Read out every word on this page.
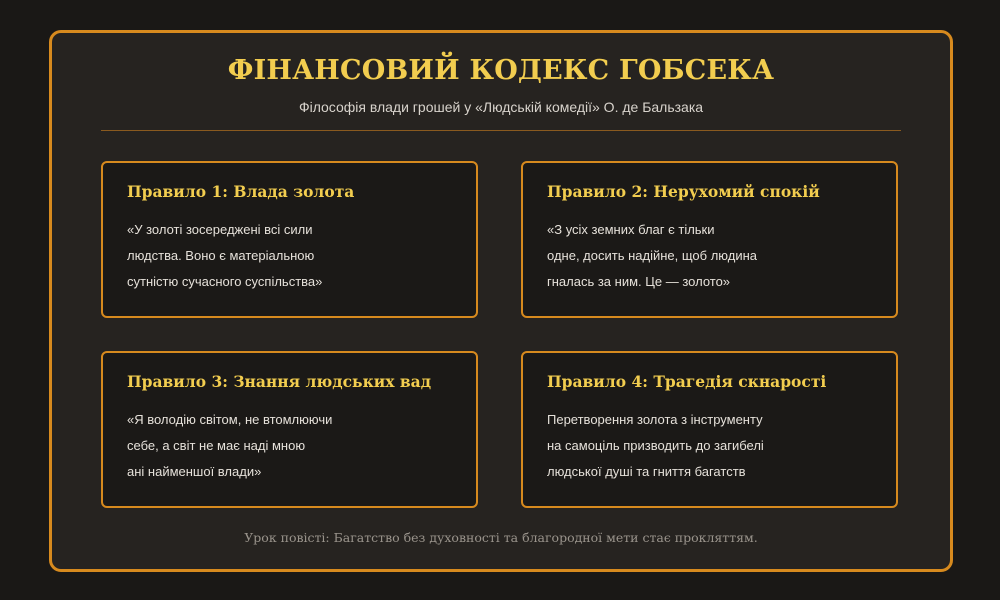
ФІНАНСОВИЙ КОДЕКС ГОБСЕКА
Філософія влади грошей у «Людській комедії» О. де Бальзака
Правило 1: Влада золота
«У золоті зосереджені всі сили
людства. Воно є матеріальною
сутністю сучасного суспільства»
Правило 2: Нерухомий спокій
«З усіх земних благ є тільки
одне, досить надійне, щоб людина
гналась за ним. Це — золото»
Правило 3: Знання людських вад
«Я володію світом, не втомлюючи
себе, а світ не має наді мною
ані найменшої влади»
Правило 4: Трагедія скнарості
Перетворення золота з інструменту
на самоціль призводить до загибелі
людської душі та гниття багатств
Урок повісті: Багатство без духовності та благородної мети стає прокляттям.
